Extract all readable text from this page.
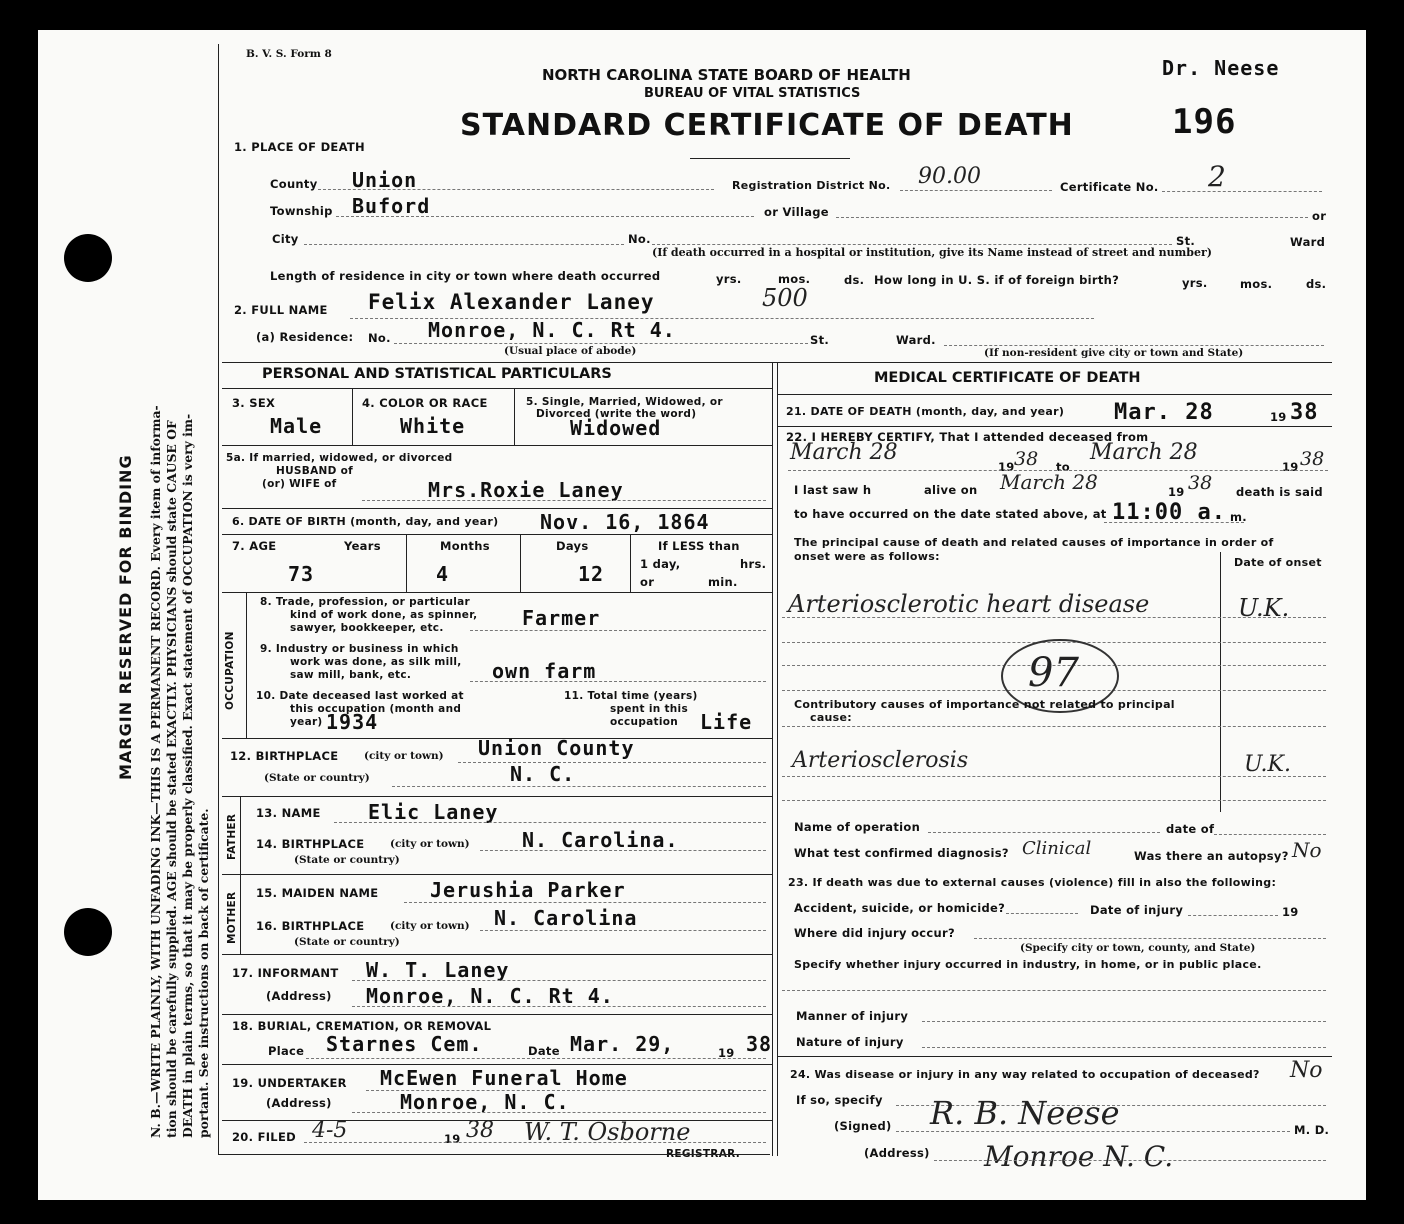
MARGIN RESERVED FOR BINDING N. B.—WRITE PLAINLY, WITH UNFADING INK—THIS IS A PERMANENT RECORD. Every item of informa- tion should be carefully supplied. AGE should be stated EXACTLY. PHYSICIANS should state CAUSE OF DEATH in plain terms, so that it may be properly classified. Exact statement of OCCUPATION is very im- portant. See instructions on back of certificate.
B. V. S. Form 8
NORTH CAROLINA STATE BOARD OF HEALTH
BUREAU OF VITAL STATISTICS
STANDARD CERTIFICATE OF DEATH
Dr. Neese
196
1. PLACE OF DEATH
County Union	Registration District No. 90.00	Certificate No. 2
Township Buford	or Village	or
City	No.	St.	Ward
(If death occurred in a hospital or institution, give its Name instead of street and number)
Length of residence in city or town where death occurred	yrs.	mos.	ds. How long in U. S. if of foreign birth?	yrs.	mos.	ds.
2. FULL NAME Felix Alexander Laney	500
(a) Residence: No. Monroe, N. C. Rt 4.	St.	Ward.
(Usual place of abode)	(If non-resident give city or town and State)
PERSONAL AND STATISTICAL PARTICULARS
3. SEX
Male
4. COLOR OR RACE
White
5. Single, Married, Widowed, or
Divorced (write the word)
Widowed
5a. If married, widowed, or divorced
HUSBAND of
(or) WIFE of	Mrs.Roxie Laney
6. DATE OF BIRTH (month, day, and year) Nov. 16, 1864
7. AGE	Years	Months	Days
73	4	12
If LESS than
1 day,	hrs.
or	min.
OCCUPATION
8. Trade, profession, or particular
kind of work done, as spinner,
sawyer, bookkeeper, etc.	Farmer
9. Industry or business in which
work was done, as silk mill,
saw mill, bank, etc.	own farm
10. Date deceased last worked at
this occupation (month and
year) 1934
11. Total time (years)
spent in this
occupation Life
12. BIRTHPLACE (city or town) Union County
(State or country)	N. C.
FATHER
13. NAME Elic Laney
14. BIRTHPLACE (city or town)	N. Carolina.
(State or country)
MOTHER 15. MAIDEN NAME	Jerushia Parker
16. BIRTHPLACE (city or town) N. Carolina
(State or country)
17. INFORMANT W. T. Laney
(Address) Monroe, N. C. Rt 4.
18. BURIAL, CREMATION, OR REMOVAL
Place Starnes Cem.	Date Mar. 29,	19 38
19. UNDERTAKER McEwen Funeral Home
(Address)	Monroe, N. C.
20. FILED 4-5	19 38 W. T. Osborne
REGISTRAR.
MEDICAL CERTIFICATE OF DEATH
21. DATE OF DEATH (month, day, and year) Mar. 28	19 38
22. I HEREBY CERTIFY, That I attended deceased from
March 28
19 38 to
March 28
19 38
I last saw h	alive on March 28	19 38 death is said
to have occurred on the date stated above, at 11:00 a. m.
The principal cause of death and related causes of importance in order of
onset were as follows:	Date of onset
Arteriosclerotic heart disease	U.K.
97
Contributory causes of importance not related to principal
cause:
Arteriosclerosis	U.K.
Name of operation	date of
What test confirmed diagnosis? Clinical	Was there an autopsy? No
23. If death was due to external causes (violence) fill in also the following:
Accident, suicide, or homicide?	Date of injury	19
Where did injury occur?
(Specify city or town, county, and State)
Specify whether injury occurred in industry, in home, or in public place.
Manner of injury
Nature of injury
24. Was disease or injury in any way related to occupation of deceased? No
If so, specify
(Signed) R. B. Neese	M. D.
(Address) Monroe N. C.
